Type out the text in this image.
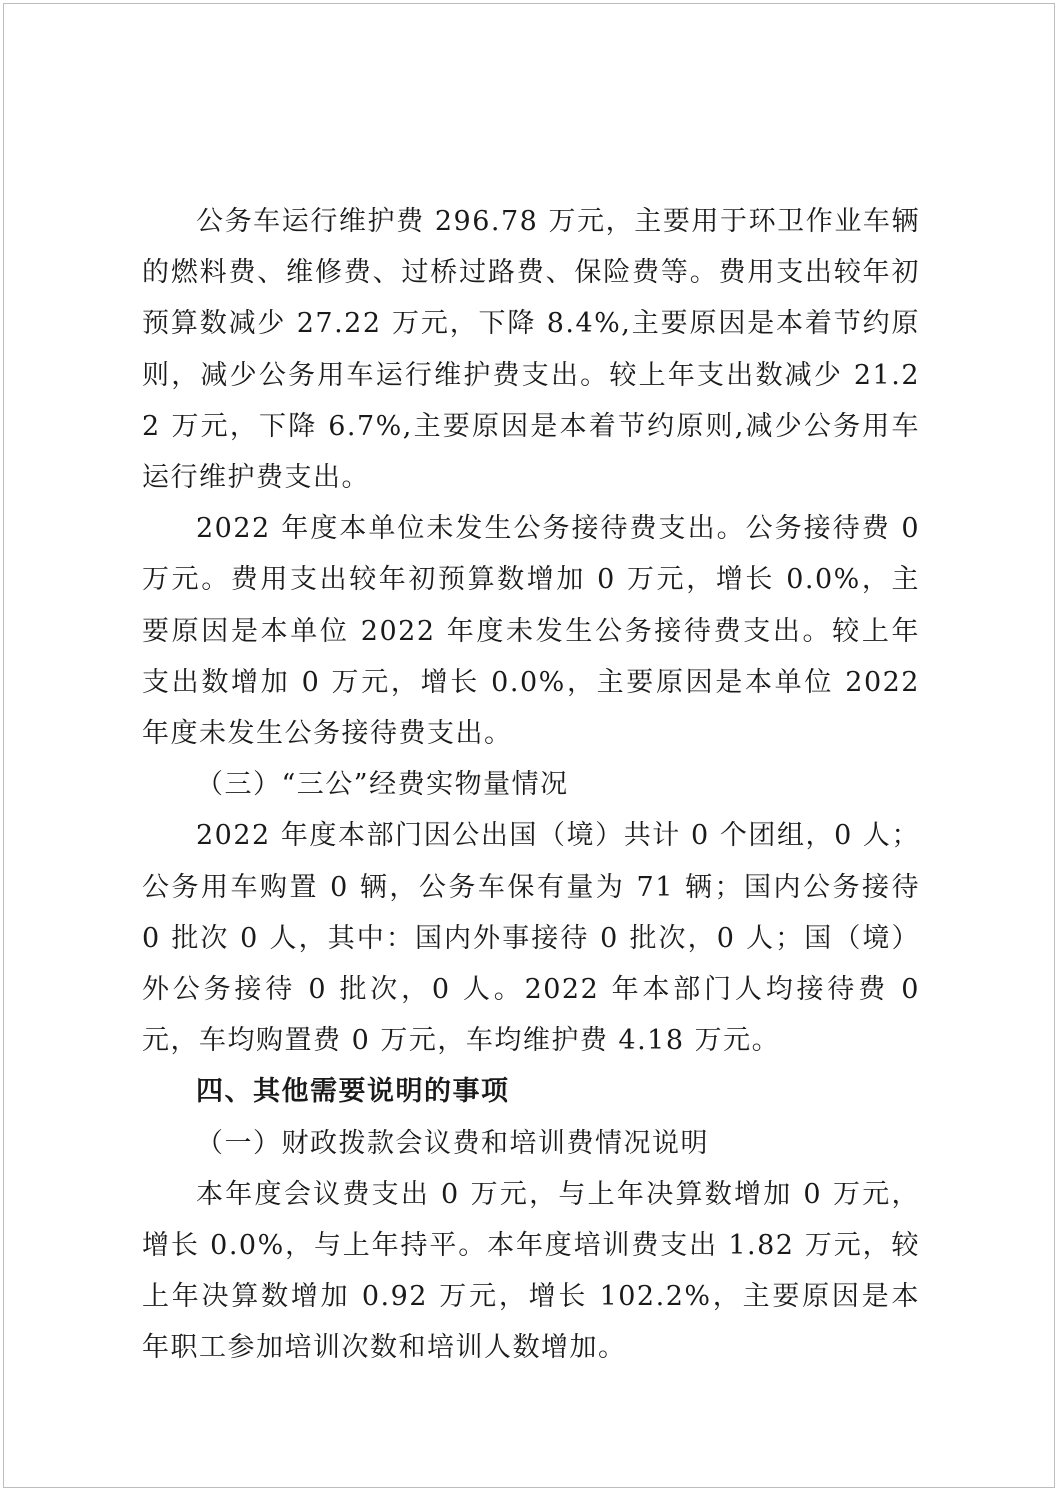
公务车运行维护费 296.78 万元，主要用于环卫作业车辆的燃料费、维修费、过桥过路费、保险费等。费用支出较年初预算数减少 27.22 万元，下降 8.4%,主要原因是本着节约原则，减少公务用车运行维护费支出。较上年支出数减少 21.22 万元，下降 6.7%,主要原因是本着节约原则,减少公务用车运行维护费支出。

2022 年度本单位未发生公务接待费支出。公务接待费 0 万元。费用支出较年初预算数增加 0 万元，增长 0.0%，主要原因是本单位 2022 年度未发生公务接待费支出。较上年支出数增加 0 万元，增长 0.0%，主要原因是本单位 2022 年度未发生公务接待费支出。

（三）“三公”经费实物量情况

2022 年度本部门因公出国（境）共计 0 个团组，0 人；公务用车购置 0 辆，公务车保有量为 71 辆；国内公务接待 0 批次 0 人，其中：国内外事接待 0 批次，0 人；国（境）外公务接待 0 批次，0 人。2022 年本部门人均接待费 0 元，车均购置费 0 万元，车均维护费 4.18 万元。

四、其他需要说明的事项

（一）财政拨款会议费和培训费情况说明

本年度会议费支出 0 万元，与上年决算数增加 0 万元，增长 0.0%，与上年持平。本年度培训费支出 1.82 万元，较上年决算数增加 0.92 万元，增长 102.2%，主要原因是本年职工参加培训次数和培训人数增加。
